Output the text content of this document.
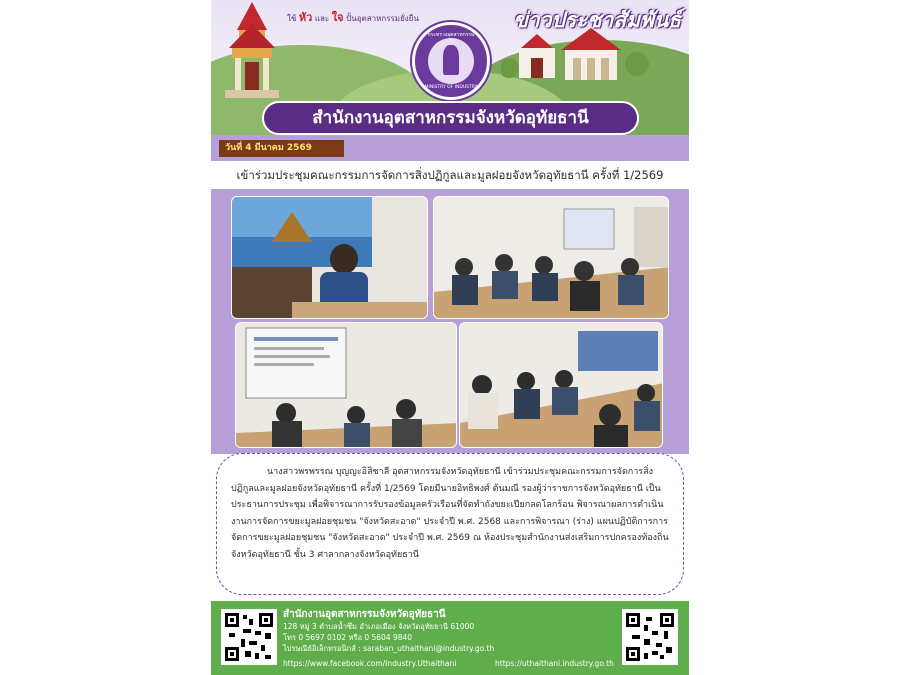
ใช้ หัว และ ใจ ปั้นอุตสาหกรรมยั่งยืน	ข่าวประชาสัมพันธ์
กระทรวงอุตสาหกรรม
MINISTRY OF INDUSTRY
สำนักงานอุตสาหกรรมจังหวัดอุทัยธานี
วันที่ 4 มีนาคม 2569
เข้าร่วมประชุมคณะกรรมการจัดการสิ่งปฏิกูลและมูลฝอยจังหวัดอุทัยธานี ครั้งที่ 1/2569
นางสาวพรพรรณ บุญญะอิสิชาลี อุตสาหกรรมจังหวัดอุทัยธานี เข้าร่วมประชุมคณะกรรมการจัดการสิ่งปฏิกูลและมูลฝอยจังหวัดอุทัยธานี ครั้งที่ 1/2569 โดยมีนายอิทธิพงศ์ ต้นมณี รองผู้ว่าราชการจังหวัดอุทัยธานี เป็นประธานการประชุม เพื่อพิจารณาการรับรองข้อมูลครัวเรือนที่จัดทำถังขยะเปียกลดโลกร้อน พิจารณาผลการดำเนินงานการจัดการขยะมูลฝอยชุมชน "จังหวัดสะอาด" ประจำปี พ.ศ. 2568 และการพิจารณา (ร่าง) แผนปฏิบัติการการจัดการขยะมูลฝอยชุมชน "จังหวัดสะอาด" ประจำปี พ.ศ. 2569 ณ ห้องประชุมสำนักงานส่งเสริมการปกครองท้องถิ่นจังหวัดอุทัยธานี ชั้น 3 ศาลากลางจังหวัดอุทัยธานี
สำนักงานอุตสาหกรรมจังหวัดอุทัยธานี
128 หมู่ 3 ตำบลน้ำซึม อำเภอเมือง จังหวัดอุทัยธานี 61000
โทร 0 5697 0102 หรือ 0 5604 9840
ไปรษณีย์อิเล็กทรอนิกส์ : saraban_uthaithani@industry.go.th
https://www.facebook.com/Industry.Uthaithani	https://uthaithani.industry.go.th
